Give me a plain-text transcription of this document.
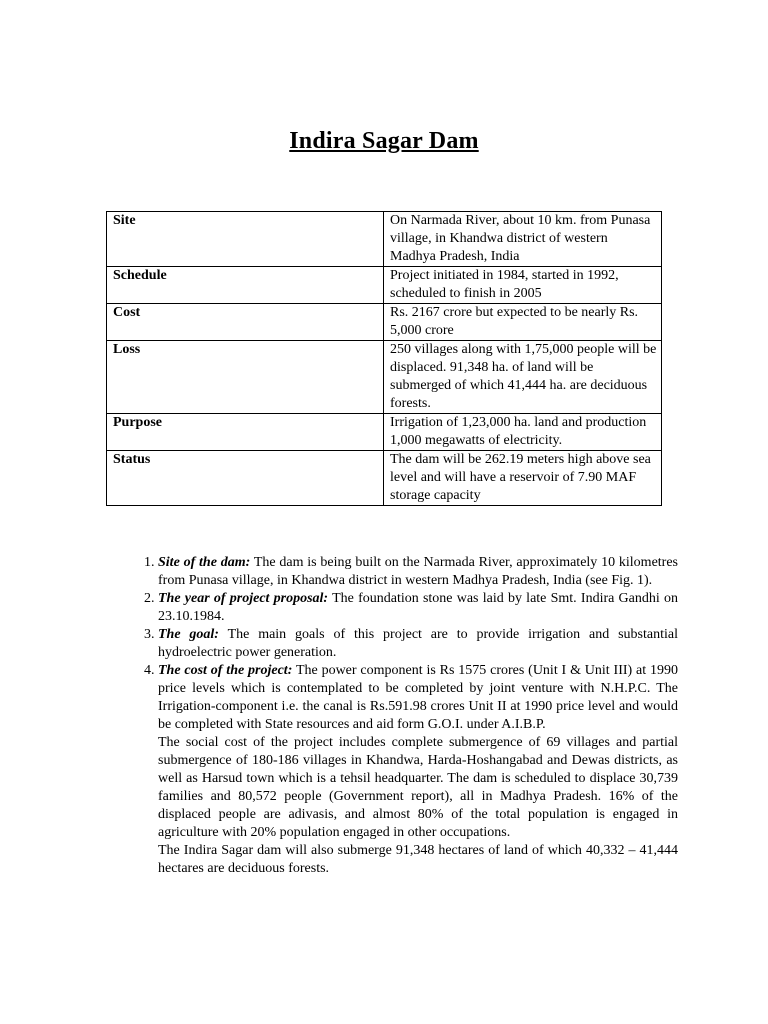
Indira Sagar Dam
Site	On Narmada River, about 10 km. from Punasa village, in Khandwa district of western Madhya Pradesh, India
Schedule	Project initiated in 1984, started in 1992, scheduled to finish in 2005
Cost	Rs. 2167 crore but expected to be nearly Rs. 5,000 crore
Loss	250 villages along with 1,75,000 people will be displaced. 91,348 ha. of land will be submerged of which 41,444 ha. are deciduous forests.
Purpose	Irrigation of 1,23,000 ha. land and production 1,000 megawatts of electricity.
Status	The dam will be 262.19 meters high above sea level and will have a reservoir of 7.90 MAF storage capacity
1. Site of the dam: The dam is being built on the Narmada River, approximately 10 kilometres from Punasa village, in Khandwa district in western Madhya Pradesh, India (see Fig. 1).
2. The year of project proposal: The foundation stone was laid by late Smt. Indira Gandhi on 23.10.1984.
3. The goal: The main goals of this project are to provide irrigation and substantial hydroelectric power generation.
4. The cost of the project: The power component is Rs 1575 crores (Unit I & Unit III) at 1990 price levels which is contemplated to be completed by joint venture with N.H.P.C. The Irrigation-component i.e. the canal is Rs.591.98 crores Unit II at 1990 price level and would be completed with State resources and aid form G.O.I. under A.I.B.P.

The social cost of the project includes complete submergence of 69 villages and partial submergence of 180-186 villages in Khandwa, Harda-Hoshangabad and Dewas districts, as well as Harsud town which is a tehsil headquarter. The dam is scheduled to displace 30,739 families and 80,572 people (Government report), all in Madhya Pradesh. 16% of the displaced people are adivasis, and almost 80% of the total population is engaged in agriculture with 20% population engaged in other occupations.

The Indira Sagar dam will also submerge 91,348 hectares of land of which 40,332 – 41,444 hectares are deciduous forests.
